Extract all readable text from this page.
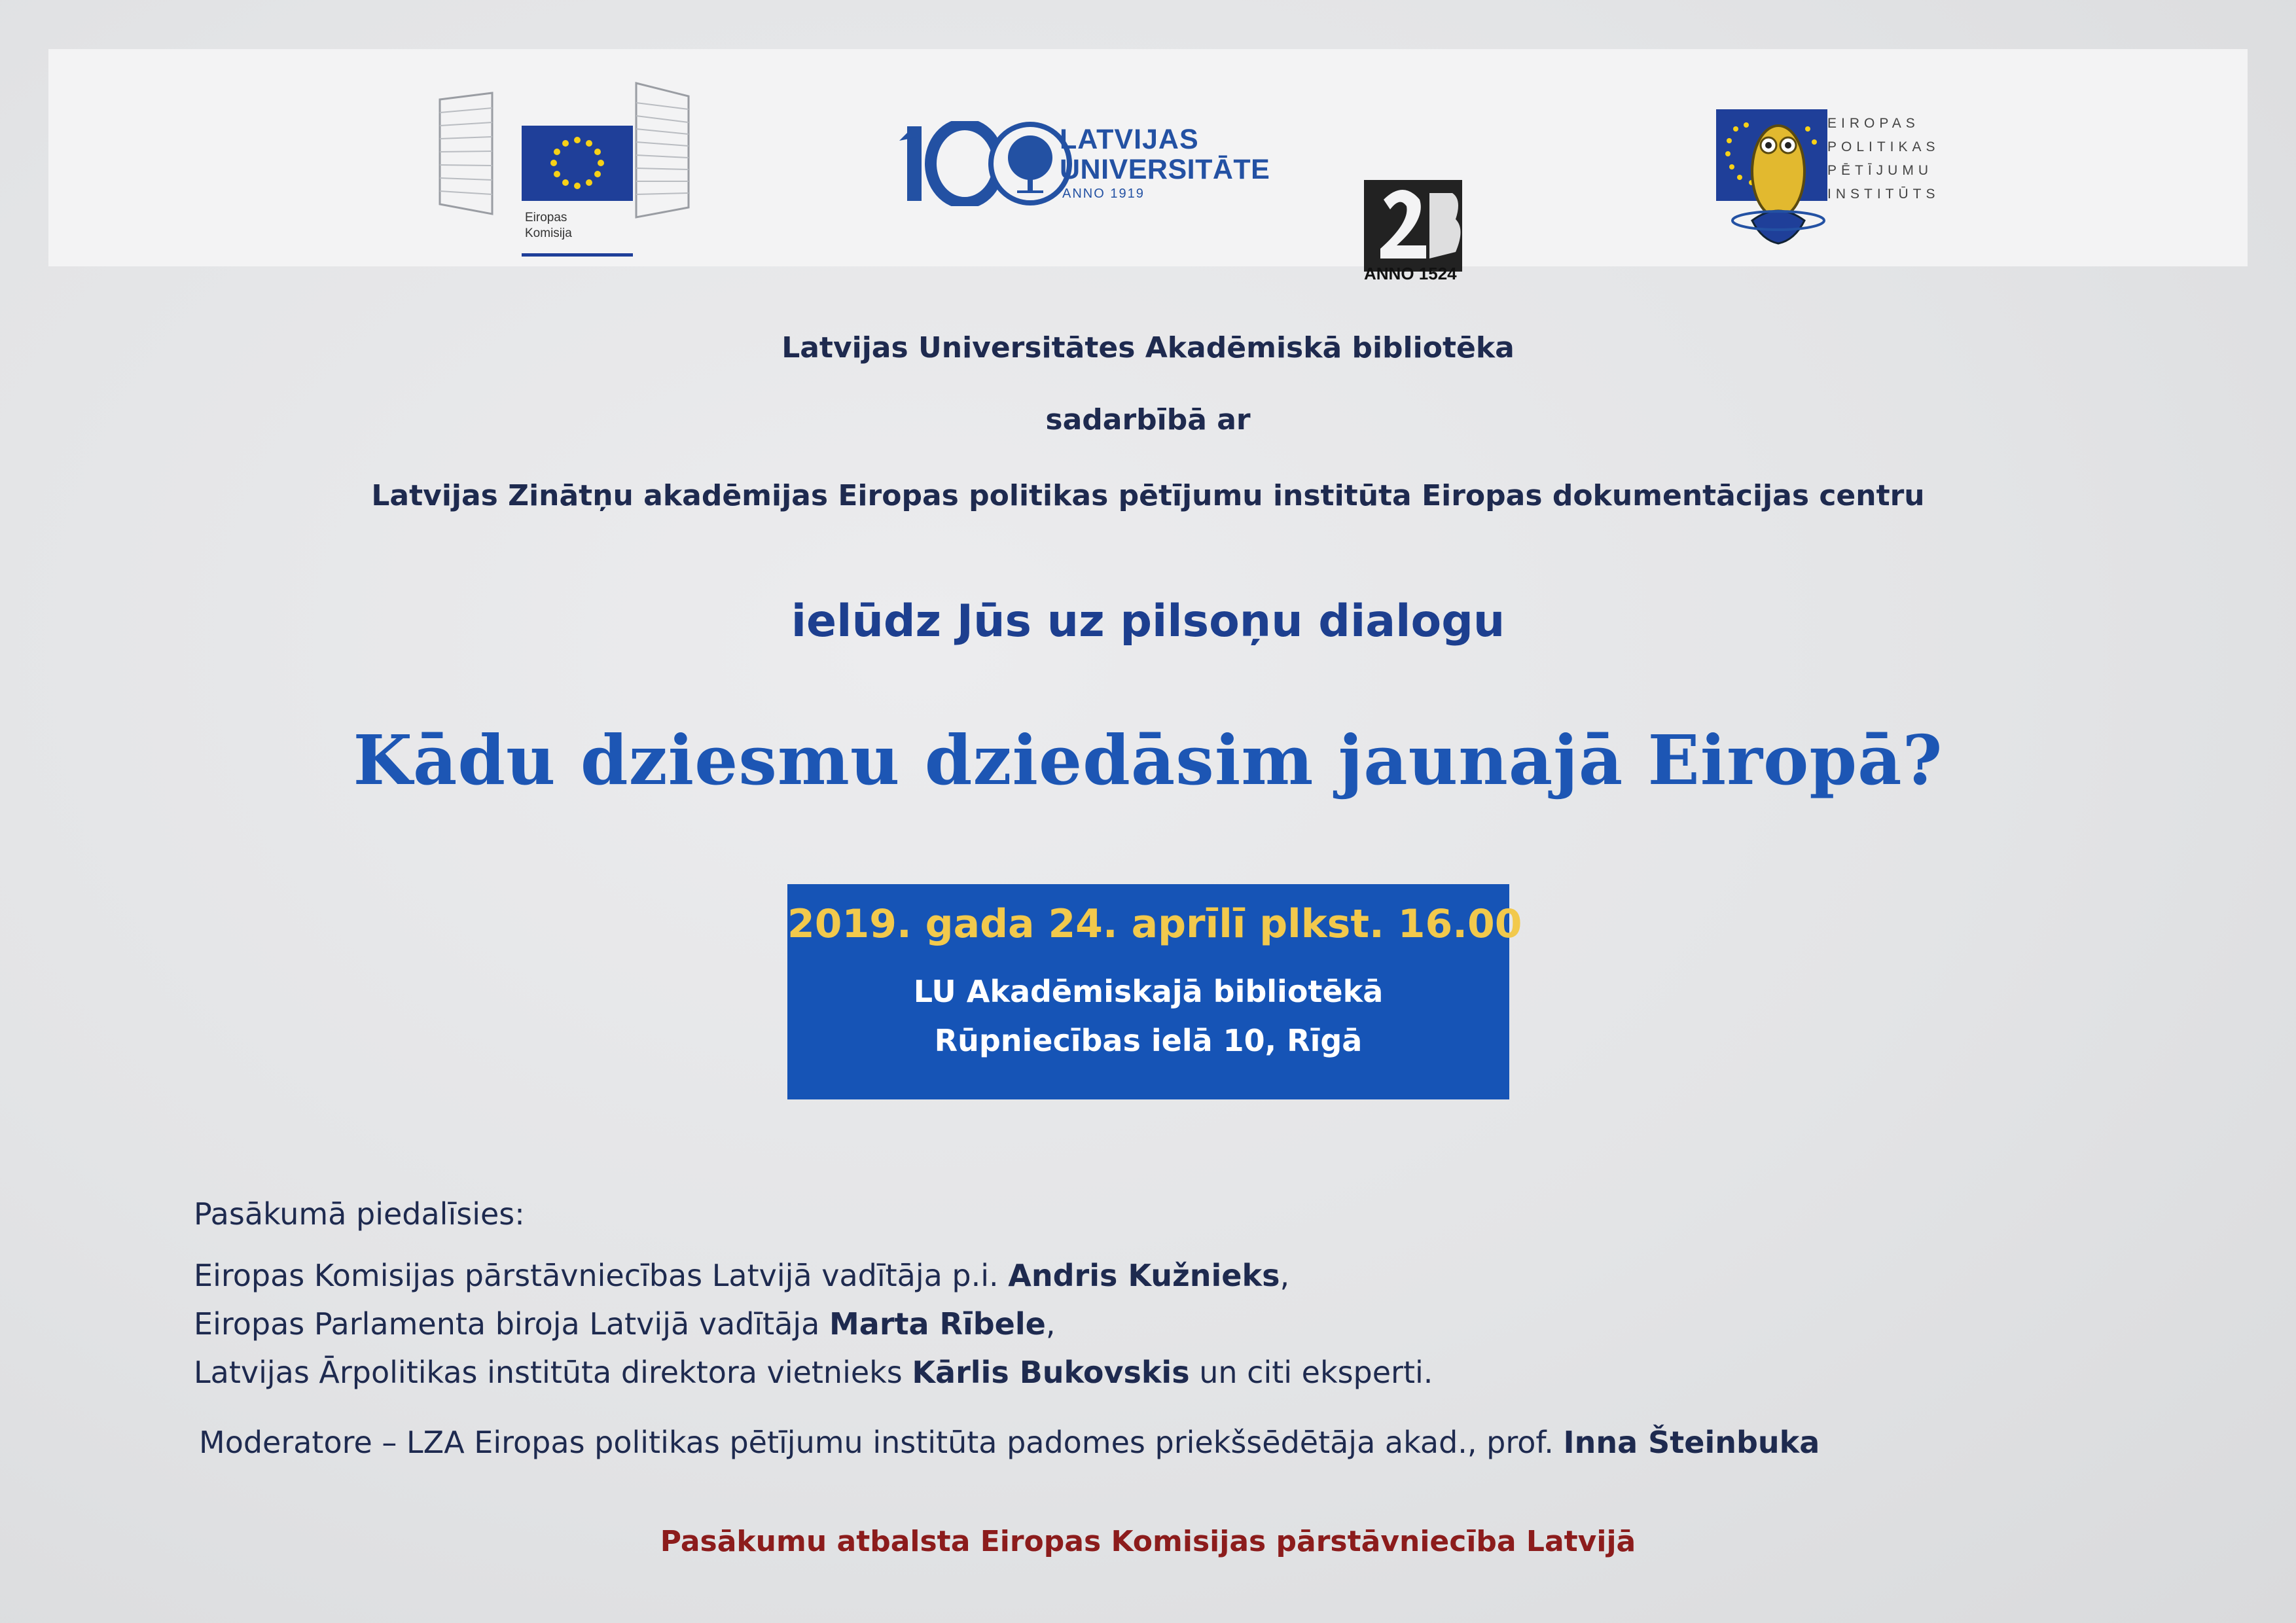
Eiropas
Komisija
LATVIJAS
UNIVERSITĀTE
ANNO 1919
ANNO 1524
EIROPAS
POLITIKAS
PĒTĪJUMU
INSTITŪTS
Latvijas Universitātes Akadēmiskā bibliotēka
sadarbībā ar
Latvijas Zinātņu akadēmijas Eiropas politikas pētījumu institūta Eiropas dokumentācijas centru
ielūdz Jūs uz pilsoņu dialogu
Kādu dziesmu dziedāsim jaunajā Eiropā?
2019. gada 24. aprīlī plkst. 16.00
LU Akadēmiskajā bibliotēkā
Rūpniecības ielā 10, Rīgā
Pasākumā piedalīsies:
Eiropas Komisijas pārstāvniecības Latvijā vadītāja p.i. Andris Kužnieks,
Eiropas Parlamenta biroja Latvijā vadītāja Marta Rībele,
Latvijas Ārpolitikas institūta direktora vietnieks Kārlis Bukovskis un citi eksperti.
Moderatore – LZA Eiropas politikas pētījumu institūta padomes priekšsēdētāja akad., prof. Inna Šteinbuka
Pasākumu atbalsta Eiropas Komisijas pārstāvniecība Latvijā
